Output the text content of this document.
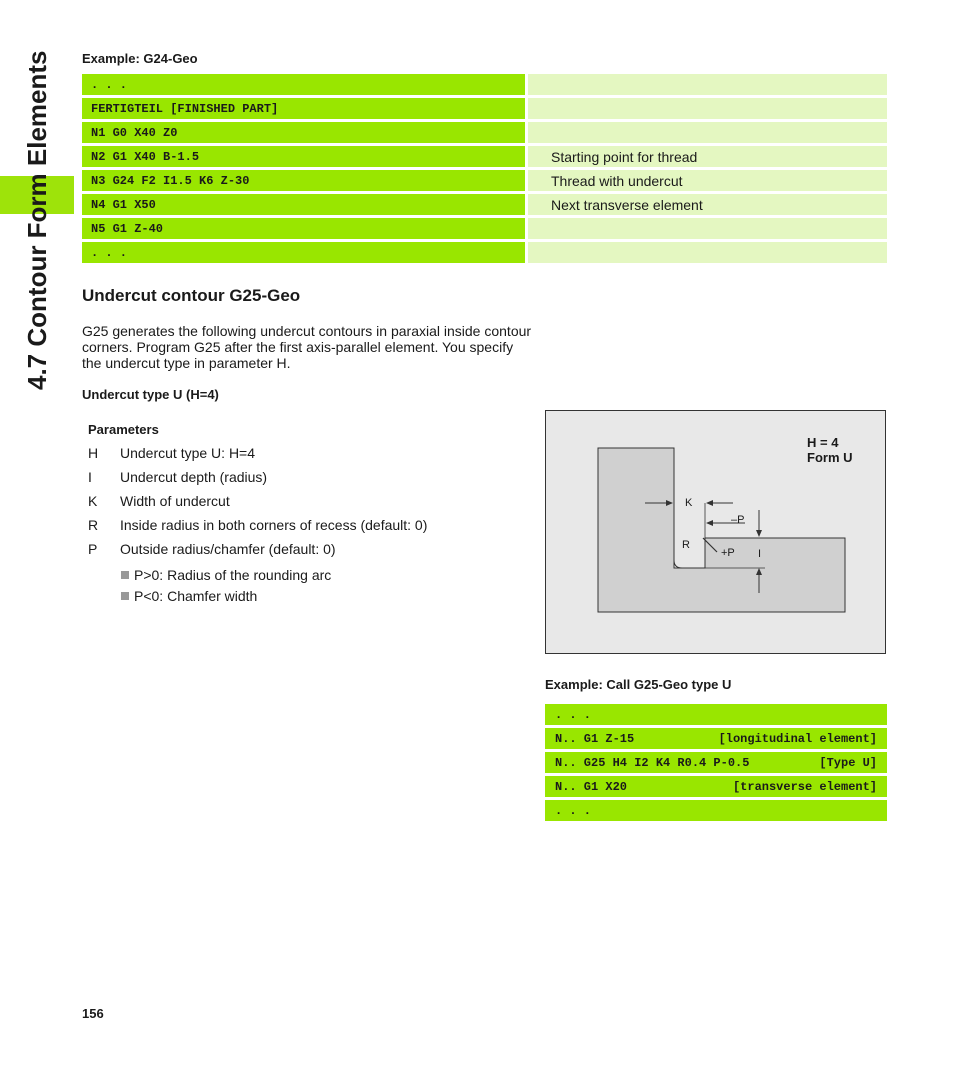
4.7 Contour Form Elements Example: G24-Geo
. . .	
FERTIGTEIL [FINISHED PART]	
N1 G0 X40 Z0	
N2 G1 X40 B-1.5	Starting point for thread
N3 G24 F2 I1.5 K6 Z-30	Thread with undercut
N4 G1 X50	Next transverse element
N5 G1 Z-40	
. . .	
Undercut contour G25-Geo

G25 generates the following undercut contours in paraxial inside contour corners. Program G25 after the first axis-parallel element. You specify the undercut type in parameter H.

Undercut type U (H=4)
Parameters
H Undercut type U: H=4
I Undercut depth (radius)
K Width of undercut
R Inside radius in both corners of recess (default: 0)
P Outside radius/chamfer (default: 0)
P>0: Radius of the rounding arc
P<0: Chamfer width
H = 4
Form U
K
–P
R
+P I
Example: Call G25-Geo type U
. . .

N.. G1 Z-15	[longitudinal element]

N.. G25 H4 I2 K4 R0.4 P-0.5	[Type U]

N.. G1 X20	[transverse element]

. . .
156
